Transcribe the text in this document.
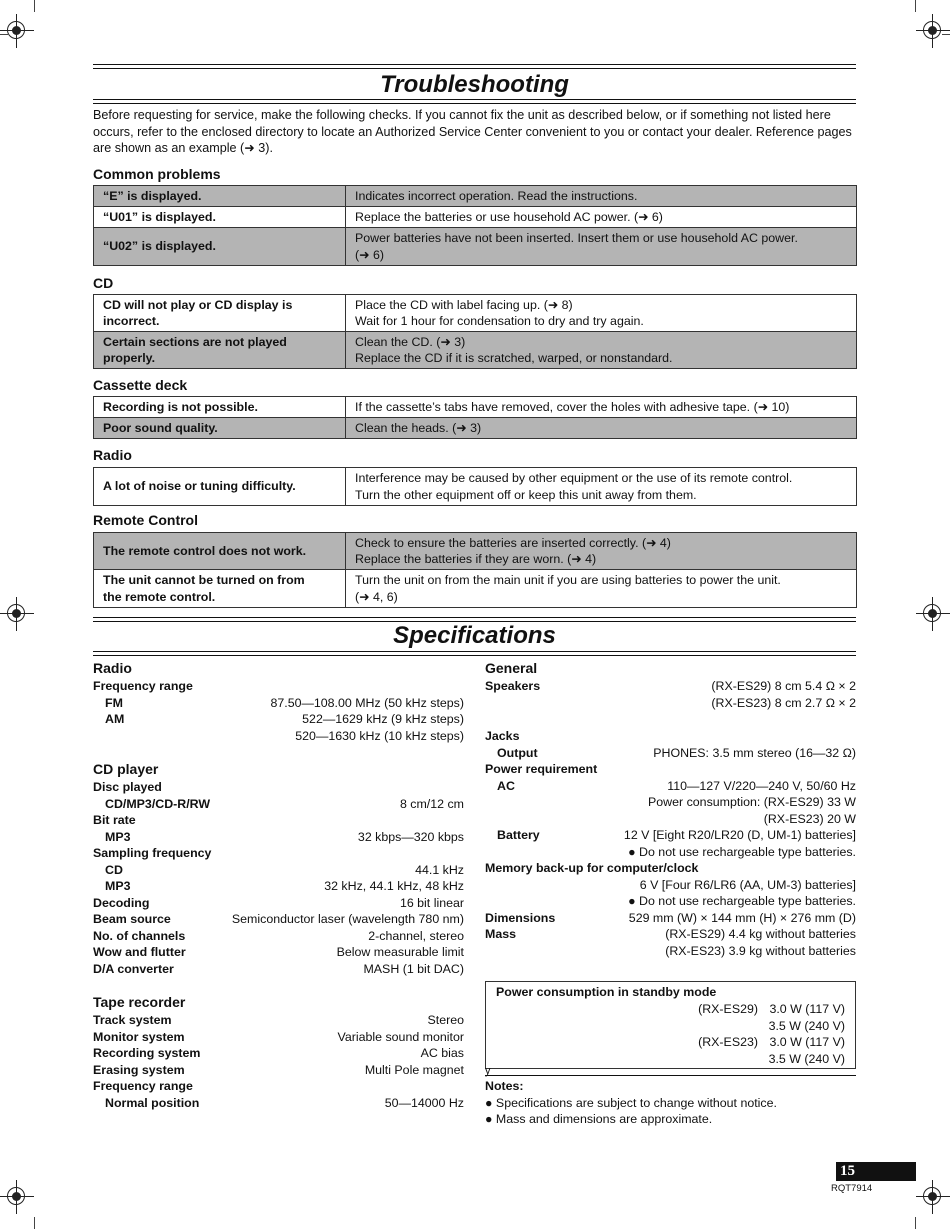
Troubleshooting
Before requesting for service, make the following checks. If you cannot fix the unit as described below, or if something not listed here occurs, refer to the enclosed directory to locate an Authorized Service Center convenient to you or contact your dealer. Reference pages are shown as an example (➜ 3).
Common problems
“E” is displayed.	Indicates incorrect operation. Read the instructions.
“U01” is displayed.	Replace the batteries or use household AC power. (➜ 6)
“U02” is displayed.	Power batteries have not been inserted. Insert them or use household AC power.
(➜ 6)
CD
CD will not play or CD display is
incorrect.	Place the CD with label facing up. (➜ 8)
Wait for 1 hour for condensation to dry and try again.
Certain sections are not played
properly.	Clean the CD. (➜ 3)
Replace the CD if it is scratched, warped, or nonstandard.
Cassette deck
Recording is not possible.	If the cassette’s tabs have removed, cover the holes with adhesive tape. (➜ 10)
Poor sound quality.	Clean the heads. (➜ 3)
Radio
A lot of noise or tuning difficulty.	Interference may be caused by other equipment or the use of its remote control.
Turn the other equipment off or keep this unit away from them.
Remote Control
The remote control does not work.	Check to ensure the batteries are inserted correctly. (➜ 4)
Replace the batteries if they are worn. (➜ 4)
The unit cannot be turned on from
the remote control.	Turn the unit on from the main unit if you are using batteries to power the unit.
(➜ 4, 6)
Specifications
Radio
Frequency range
FM	87.50—108.00 MHz (50 kHz steps)
AM	522—1629 kHz (9 kHz steps)
520—1630 kHz (10 kHz steps)
CD player
Disc played
CD/MP3/CD-R/RW	8 cm/12 cm
Bit rate
MP3	32 kbps—320 kbps
Sampling frequency
CD	44.1 kHz
MP3	32 kHz, 44.1 kHz, 48 kHz
Decoding	16 bit linear
Beam source	Semiconductor laser (wavelength 780 nm)
No. of channels	2-channel, stereo
Wow and flutter	Below measurable limit
D/A converter	MASH (1 bit DAC)
Tape recorder
Track system	Stereo
Monitor system	Variable sound monitor
Recording system	AC bias
Erasing system	Multi Pole magnet
Frequency range
Normal position	50—14000 Hz
General
Speakers	(RX-ES29) 8 cm 5.4 Ω × 2
(RX-ES23) 8 cm 2.7 Ω × 2
Jacks
Output	PHONES: 3.5 mm stereo (16—32 Ω)
Power requirement
AC	110—127 V/220—240 V, 50/60 Hz
Power consumption: (RX-ES29) 33 W
(RX-ES23) 20 W
Battery	12 V [Eight R20/LR20 (D, UM-1) batteries]
● Do not use rechargeable type batteries.
Memory back-up for computer/clock
6 V [Four R6/LR6 (AA, UM-3) batteries]
● Do not use rechargeable type batteries.
Dimensions	529 mm (W) × 144 mm (H) × 276 mm (D)
Mass	(RX-ES29) 4.4 kg without batteries
(RX-ES23) 3.9 kg without batteries
Power consumption in standby mode
(RX-ES29) 3.0 W (117 V)
3.5 W (240 V)
(RX-ES23) 3.0 W (117 V)
3.5 W (240 V)
y
Notes:
● Specifications are subject to change without notice.
● Mass and dimensions are approximate.
15
RQT7914
